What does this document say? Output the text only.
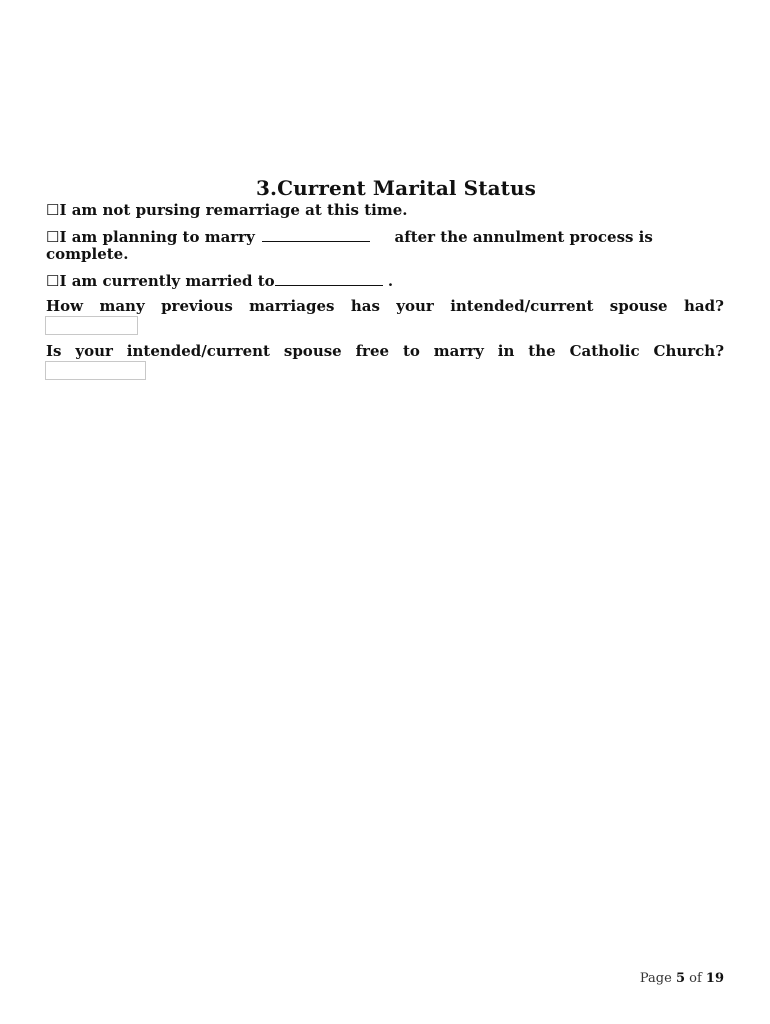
3.Current Marital Status
☐I am not pursing remarriage at this time.
☐I am planning to marry	after the annulment process is
complete.
☐I am currently married to	.
How many previous marriages has your intended/current spouse had?
Is your intended/current spouse free to marry in the Catholic Church?
Page 5 of 19
